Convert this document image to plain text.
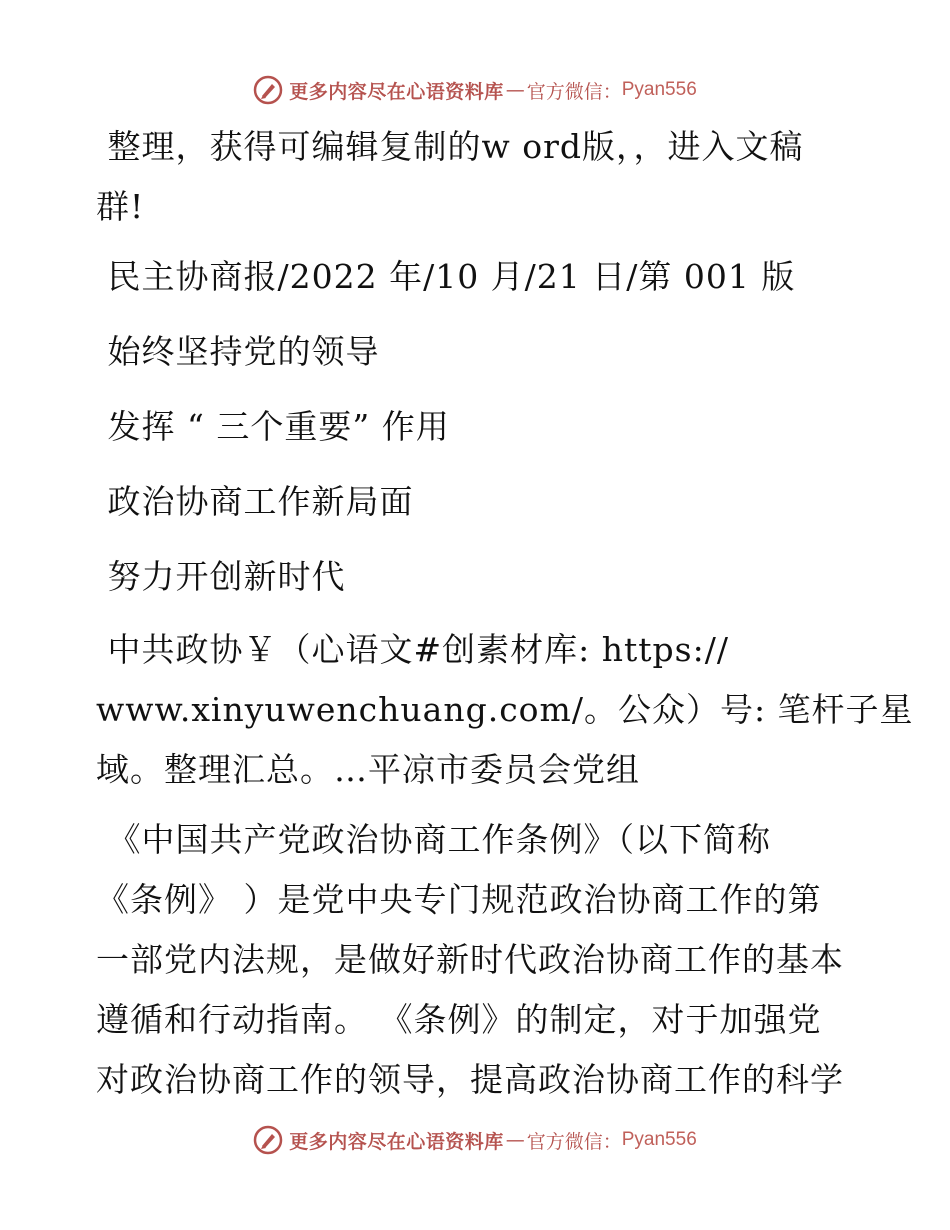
更多内容尽在心语资料库 — 官方微信： Pyan556

整理，获得可编辑复制的w ord版，，进入文稿

群!

民主协商报/2022 年/10 月/21 日/第 001 版

始终坚持党的领导

发挥 “ 三个重要” 作用

政治协商工作新局面

努力开创新时代

中共政协￥（心语文#创素材库: https://

www.xinyuwenchuang.com/。公众）号: 笔杆子星

域。整理汇总。…平凉市委员会党组

《中国共产党政治协商工作条例》（以下简称

《条例》 ）是党中央专门规范政治协商工作的第

一部党内法规，是做好新时代政治协商工作的基本

遵循和行动指南。 《条例》的制定，对于加强党

对政治协商工作的领导，提高政治协商工作的科学

更多内容尽在心语资料库 — 官方微信： Pyan556
